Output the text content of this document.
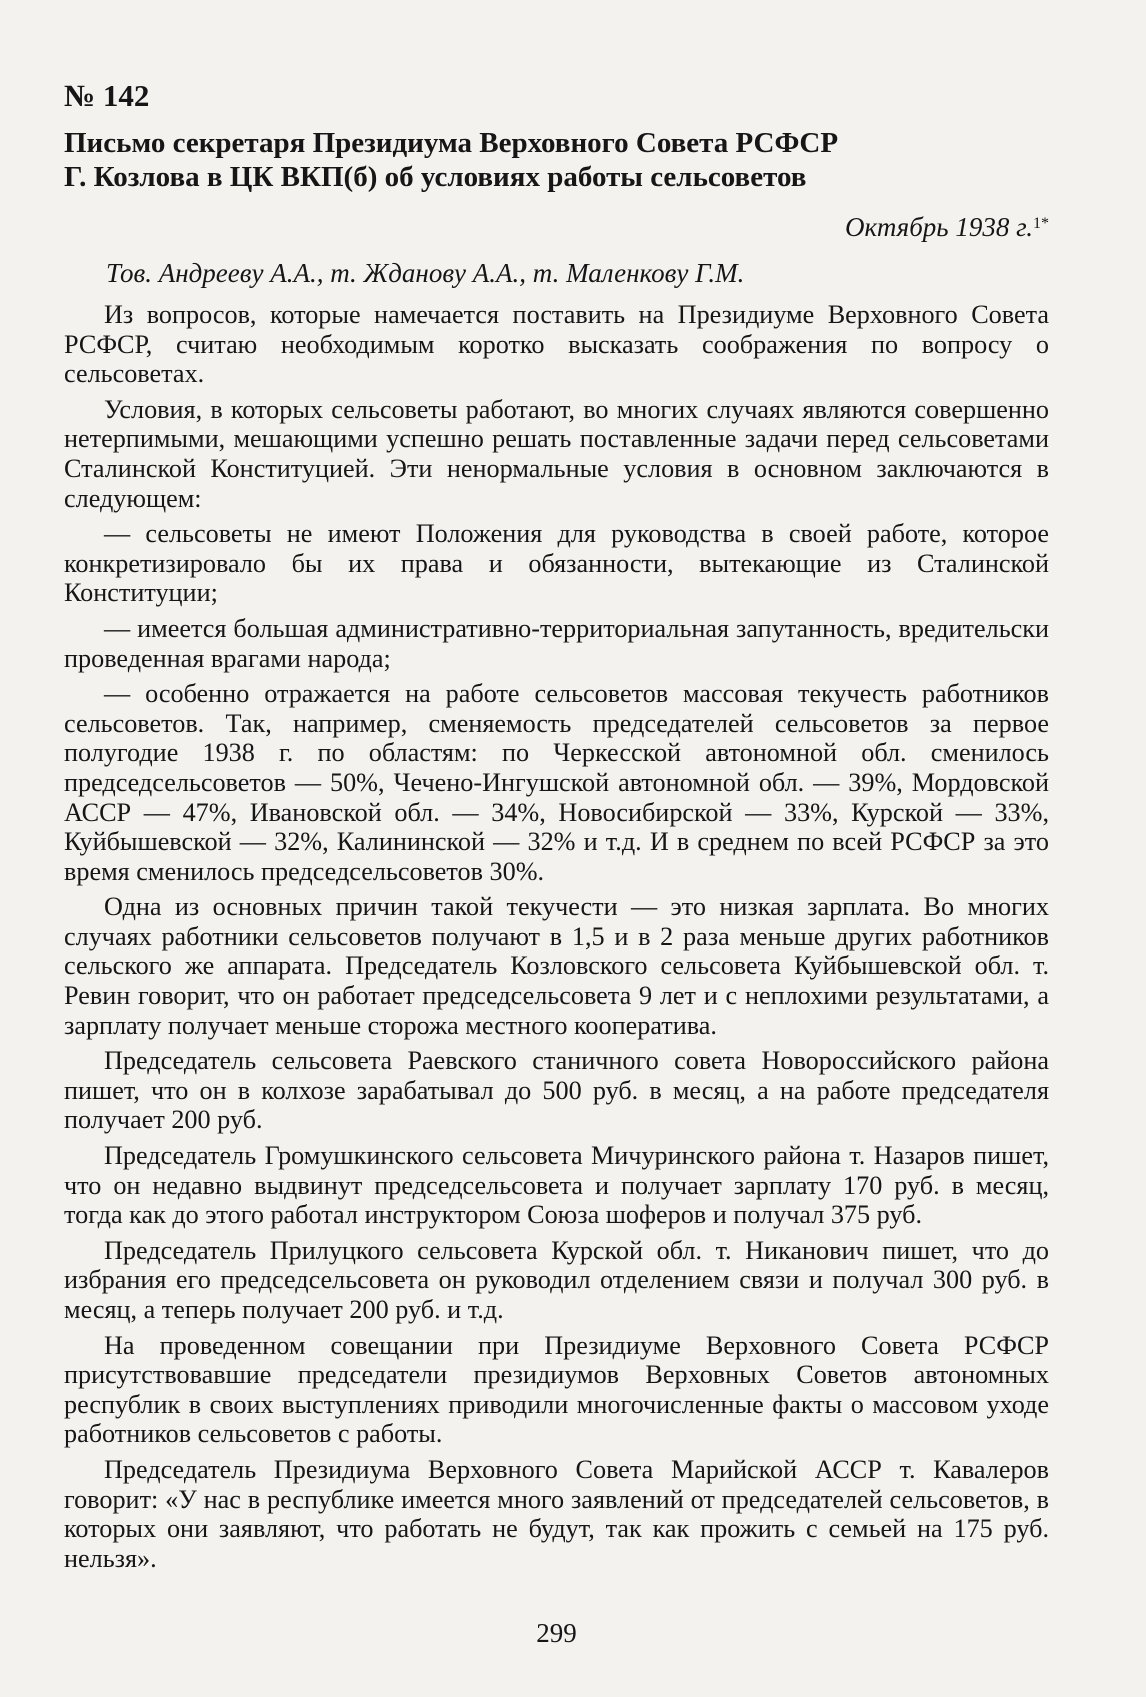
№ 142
Письмо секретаря Президиума Верховного Совета РСФСР
Г. Козлова в ЦК ВКП(б) об условиях работы сельсоветов
Октябрь 1938 г.$^{1*}$
Тов. Андрееву А.А., т. Жданову А.А., т. Маленкову Г.М.

Из вопросов, которые намечается поставить на Президиуме Верховного Совета РСФСР, считаю необходимым коротко высказать соображения по вопросу о сельсоветах.

Условия, в которых сельсоветы работают, во многих случаях являются совершенно нетерпимыми, мешающими успешно решать поставленные задачи перед сельсоветами Сталинской Конституцией. Эти ненормальные условия в основном заключаются в следующем:

— сельсоветы не имеют Положения для руководства в своей работе, которое конкретизировало бы их права и обязанности, вытекающие из Сталинской Конституции;

— имеется большая административно-территориальная запутанность, вредительски проведенная врагами народа;

— особенно отражается на работе сельсоветов массовая текучесть работников сельсоветов. Так, например, сменяемость председателей сельсоветов за первое полугодие 1938 г. по областям: по Черкесской автономной обл. сменилось председсельсоветов — 50%, Чечено-Ингушской автономной обл. — 39%, Мордовской АССР — 47%, Ивановской обл. — 34%, Новосибирской — 33%, Курской — 33%, Куйбышевской — 32%, Калининской — 32% и т.д. И в среднем по всей РСФСР за это время сменилось председсельсоветов 30%.

Одна из основных причин такой текучести — это низкая зарплата. Во многих случаях работники сельсоветов получают в 1,5 и в 2 раза меньше других работников сельского же аппарата. Председатель Козловского сельсовета Куйбышевской обл. т. Ревин говорит, что он работает председсельсовета 9 лет и с неплохими результатами, а зарплату получает меньше сторожа местного кооператива.

Председатель сельсовета Раевского станичного совета Новороссийского района пишет, что он в колхозе зарабатывал до 500 руб. в месяц, а на работе председателя получает 200 руб.

Председатель Громушкинского сельсовета Мичуринского района т. Назаров пишет, что он недавно выдвинут председсельсовета и получает зарплату 170 руб. в месяц, тогда как до этого работал инструктором Союза шоферов и получал 375 руб.

Председатель Прилуцкого сельсовета Курской обл. т. Никанович пишет, что до избрания его председсельсовета он руководил отделением связи и получал 300 руб. в месяц, а теперь получает 200 руб. и т.д.

На проведенном совещании при Президиуме Верховного Совета РСФСР присутствовавшие председатели президиумов Верховных Советов автономных республик в своих выступлениях приводили многочисленные факты о массовом уходе работников сельсоветов с работы.

Председатель Президиума Верховного Совета Марийской АССР т. Кавалеров говорит: «У нас в республике имеется много заявлений от председателей сельсоветов, в которых они заявляют, что работать не будут, так как прожить с семьей на 175 руб. нельзя».

299
